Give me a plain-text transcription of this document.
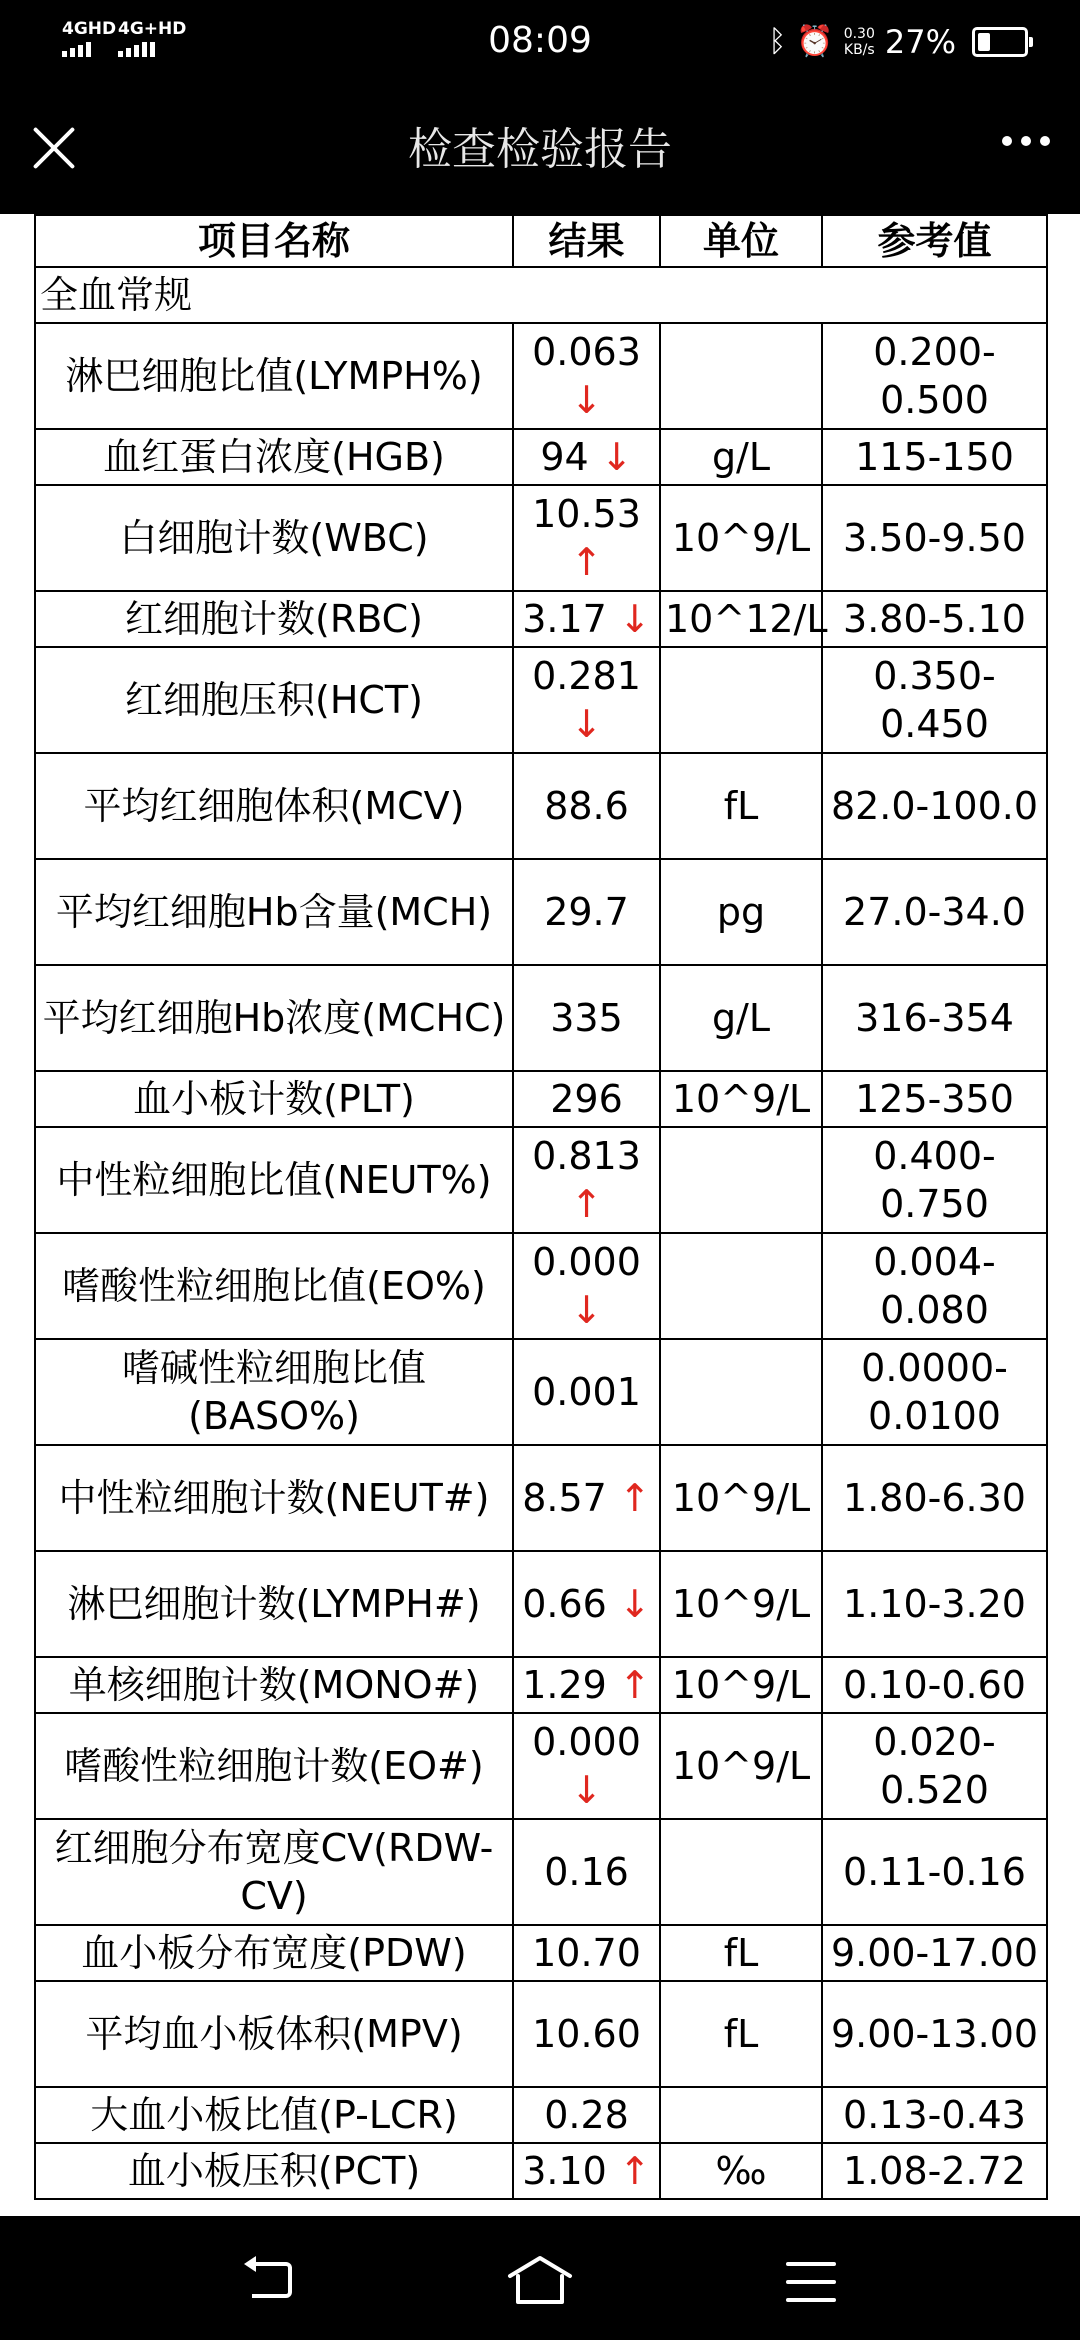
4GHD 4G+HD	08:09	ᛒ ⏰ 0.30
KB/s 27%
检查检验报告
项目名称	结果	单位	参考值
全血常规			
淋巴细胞比值(LYMPH%)	0.063 ↓		0.200-0.500
血红蛋白浓度(HGB)	94 ↓	g/L	115-150
白细胞计数(WBC)	10.53 ↑	10^9/L	3.50-9.50
红细胞计数(RBC)	3.17 ↓	10^12/L	3.80-5.10
红细胞压积(HCT)	0.281 ↓		0.350-0.450
平均红细胞体积(MCV)	88.6	fL	82.0-100.0
平均红细胞Hb含量(MCH)	29.7	pg	27.0-34.0
平均红细胞Hb浓度(MCHC)	335	g/L	316-354
血小板计数(PLT)	296	10^9/L	125-350
中性粒细胞比值(NEUT%)	0.813 ↑		0.400-0.750
嗜酸性粒细胞比值(EO%)	0.000 ↓		0.004-0.080
嗜碱性粒细胞比值(BASO%)	0.001		0.0000-0.0100
中性粒细胞计数(NEUT#)	8.57 ↑	10^9/L	1.80-6.30
淋巴细胞计数(LYMPH#)	0.66 ↓	10^9/L	1.10-3.20
单核细胞计数(MONO#)	1.29 ↑	10^9/L	0.10-0.60
嗜酸性粒细胞计数(EO#)	0.000 ↓	10^9/L	0.020-0.520
红细胞分布宽度CV(RDW-CV)	0.16		0.11-0.16
血小板分布宽度(PDW)	10.70	fL	9.00-17.00
平均血小板体积(MPV)	10.60	fL	9.00-13.00
大血小板比值(P-LCR)	0.28		0.13-0.43
血小板压积(PCT)	3.10 ↑	‰	1.08-2.72
